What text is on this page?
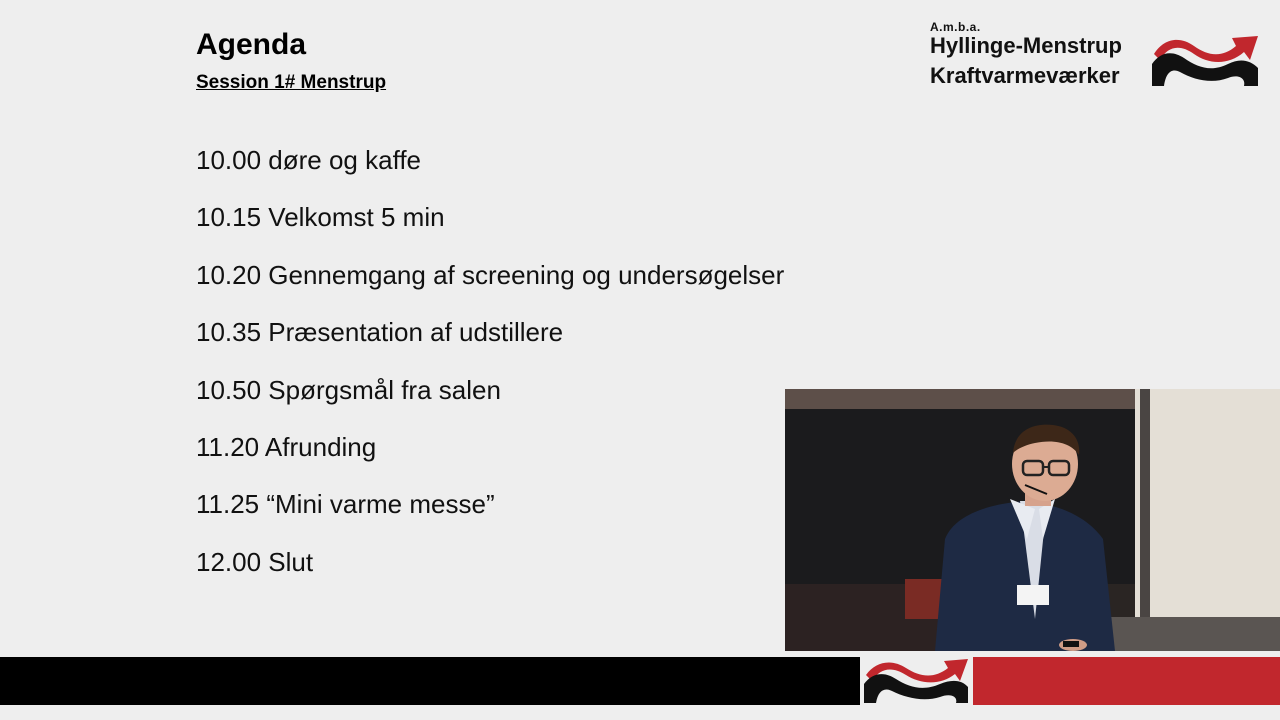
Agenda
Session 1# Menstrup
10.00 døre og kaffe
10.15 Velkomst 5 min
10.20 Gennemgang af screening og undersøgelser
10.35 Præsentation af udstillere
10.50 Spørgsmål fra salen
11.20 Afrunding
11.25 “Mini varme messe”
12.00 Slut
A.m.b.a.
Hyllinge-Menstrup
Kraftvarmeværker
